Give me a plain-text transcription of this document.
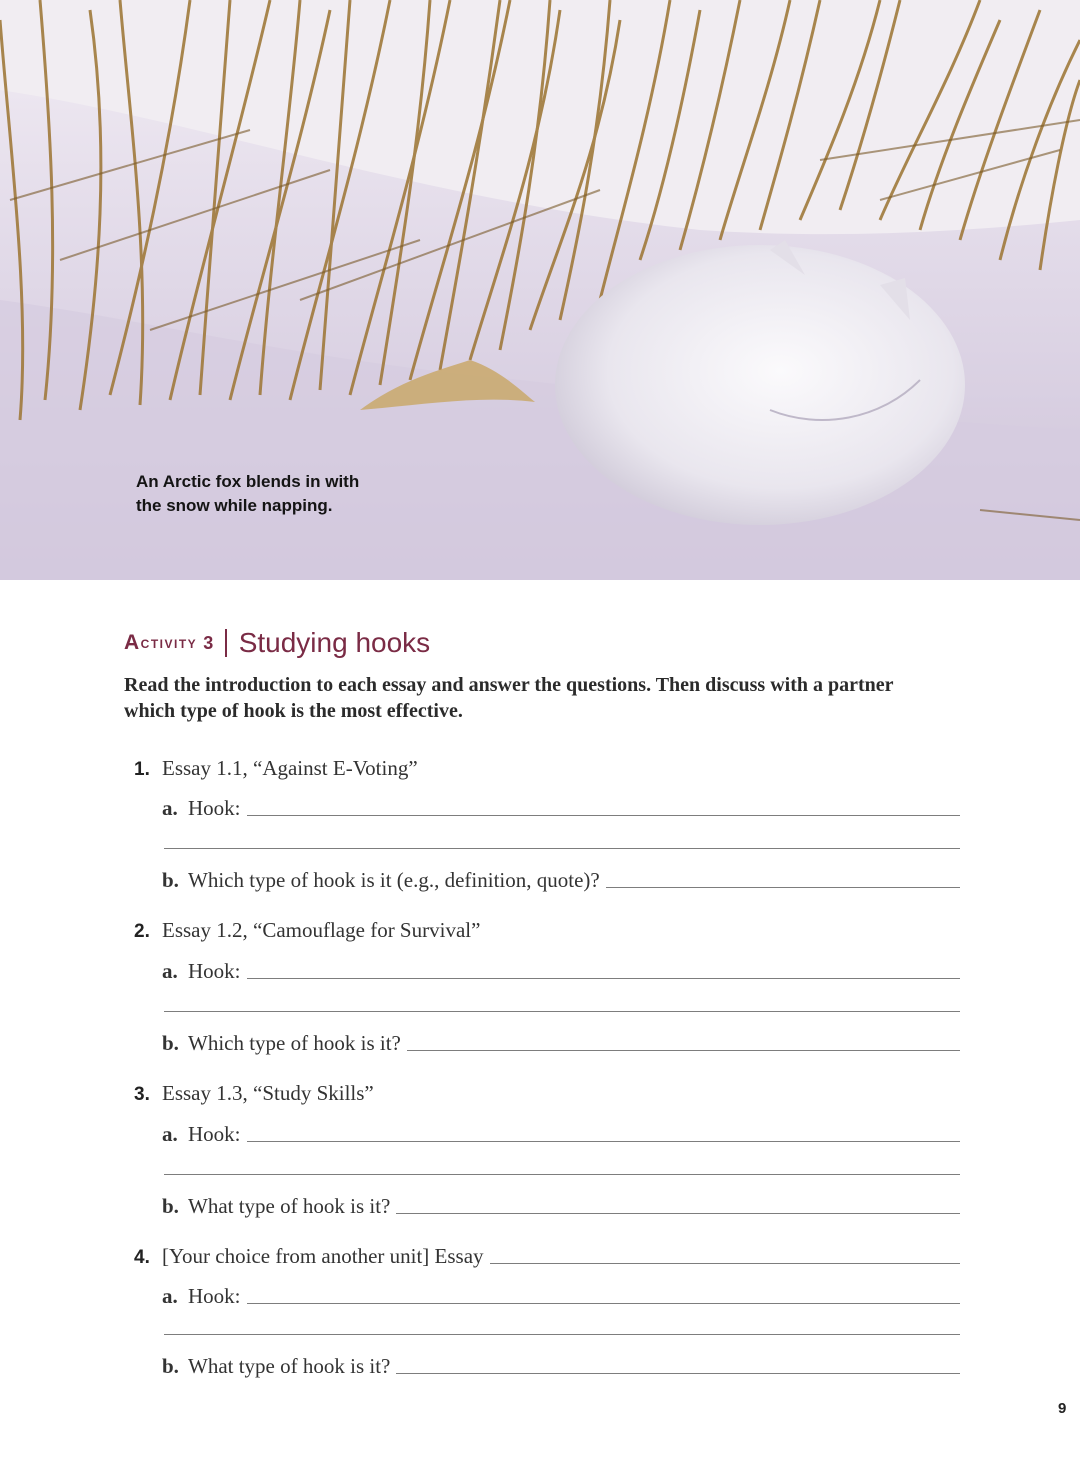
An Arctic fox blends in with
the snow while napping.
A ctivity 3 Studying hooks
Read the introduction to each essay and answer the questions. Then discuss with a partner
which type of hook is the most effective.
1. Essay 1.1, “Against E-Voting”
a. Hook:
b. Which type of hook is it (e.g., definition, quote)?
2. Essay 1.2, “Camouflage for Survival”
a. Hook:
b. Which type of hook is it?
3. Essay 1.3, “Study Skills”
a. Hook:
b. What type of hook is it?
4. [Your choice from another unit] Essay
a. Hook:
b. What type of hook is it?
9
